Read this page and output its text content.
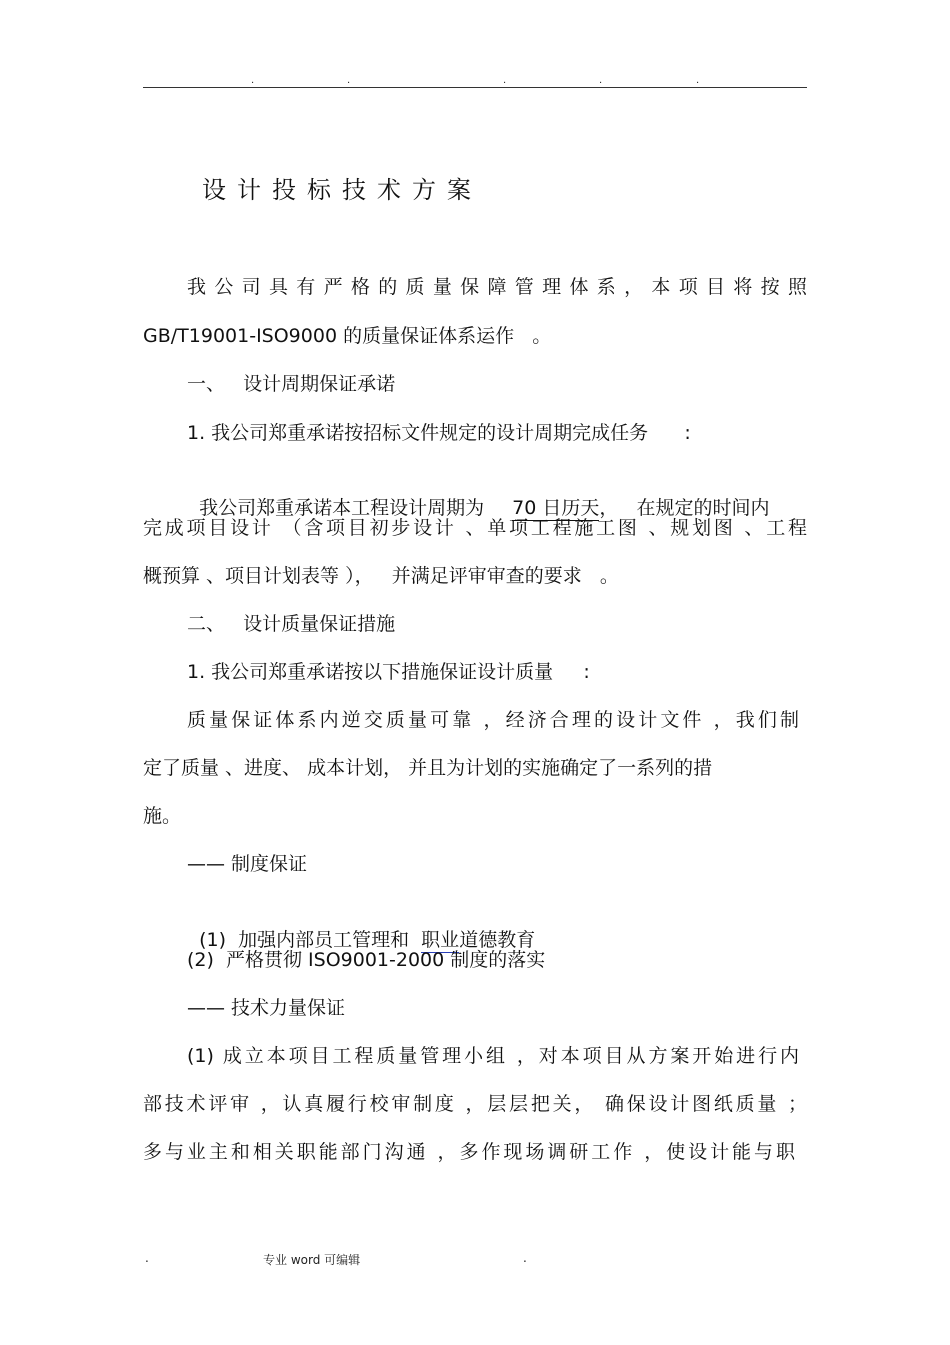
.	.	.	.	.
设计投标技术方案
我公司具有严格的质量保障管理体系，本项目将按照
GB/T19001-ISO9000 的质量保证体系运作   。
一、   设计周期保证承诺
1. 我公司郑重承诺按招标文件规定的设计周期完成任务      :

我公司郑重承诺本工程设计周期为 70 日历天，   在规定的时间内

完成项目设计 （含项目初步设计 、单项工程施工图 、规划图 、工程
概预算 、项目计划表等 ），   并满足评审审查的要求   。
二、   设计质量保证措施
1. 我公司郑重承诺按以下措施保证设计质量     :
质量保证体系内逆交质量可靠 ，经济合理的设计文件 ，我们制
定了质量 、进度、 成本计划， 并且为计划的实施确定了一系列的措
施。
—— 制度保证

(1)  加强内部员工管理和  职业道德教育

(2)  严格贯彻 ISO9001-2000 制度的落实
—— 技术力量保证
(1) 成立本项目工程质量管理小组 ，对本项目从方案开始进行内
部技术评审 ，认真履行校审制度 ，层层把关， 确保设计图纸质量 ；
多与业主和相关职能部门沟通 ，多作现场调研工作 ，使设计能与职
.	专业 word 可编辑	.
